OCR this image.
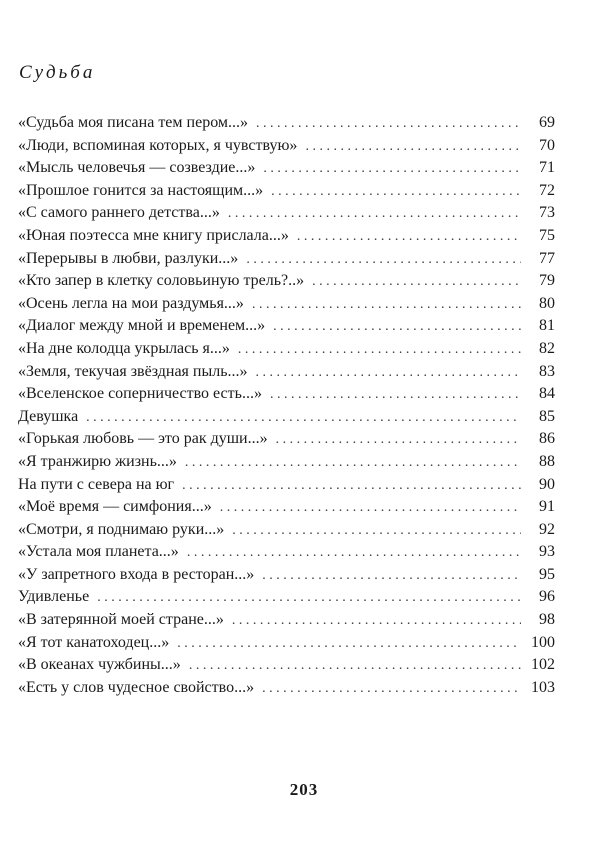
Судьба
«Судьба моя писана тем пером...» . . .	69
«Люди, вспоминая которых, я чувствую» . . .	70
«Мысль человечья — созвездие...» . . .	71
«Прошлое гонится за настоящим...» . . .	72
«С самого раннего детства...» . . .	73
«Юная поэтесса мне книгу прислала...» . . .	75
«Перерывы в любви, разлуки...» . . .	77
«Кто запер в клетку соловьиную трель?..» . . .	79
«Осень легла на мои раздумья...» . . .	80
«Диалог между мной и временем...» . . .	81
«На дне колодца укрылась я...» . . .	82
«Земля, текучая звёздная пыль...» . . .	83
«Вселенское соперничество есть...» . . .	84
Девушка . . .	85
«Горькая любовь — это рак души...» . . .	86
«Я транжирю жизнь...» . . .	88
На пути с севера на юг . . .	90
«Моё время — симфония...» . . .	91
«Смотри, я поднимаю руки...» . . .	92
«Устала моя планета...» . . .	93
«У запретного входа в ресторан...» . . .	95
Удивленье . . .	96
«В затерянной моей стране...» . . .	98
«Я тот канатоходец...» . . .	100
«В океанах чужбины...» . . .	102
«Есть у слов чудесное свойство...» . . .	103
203
